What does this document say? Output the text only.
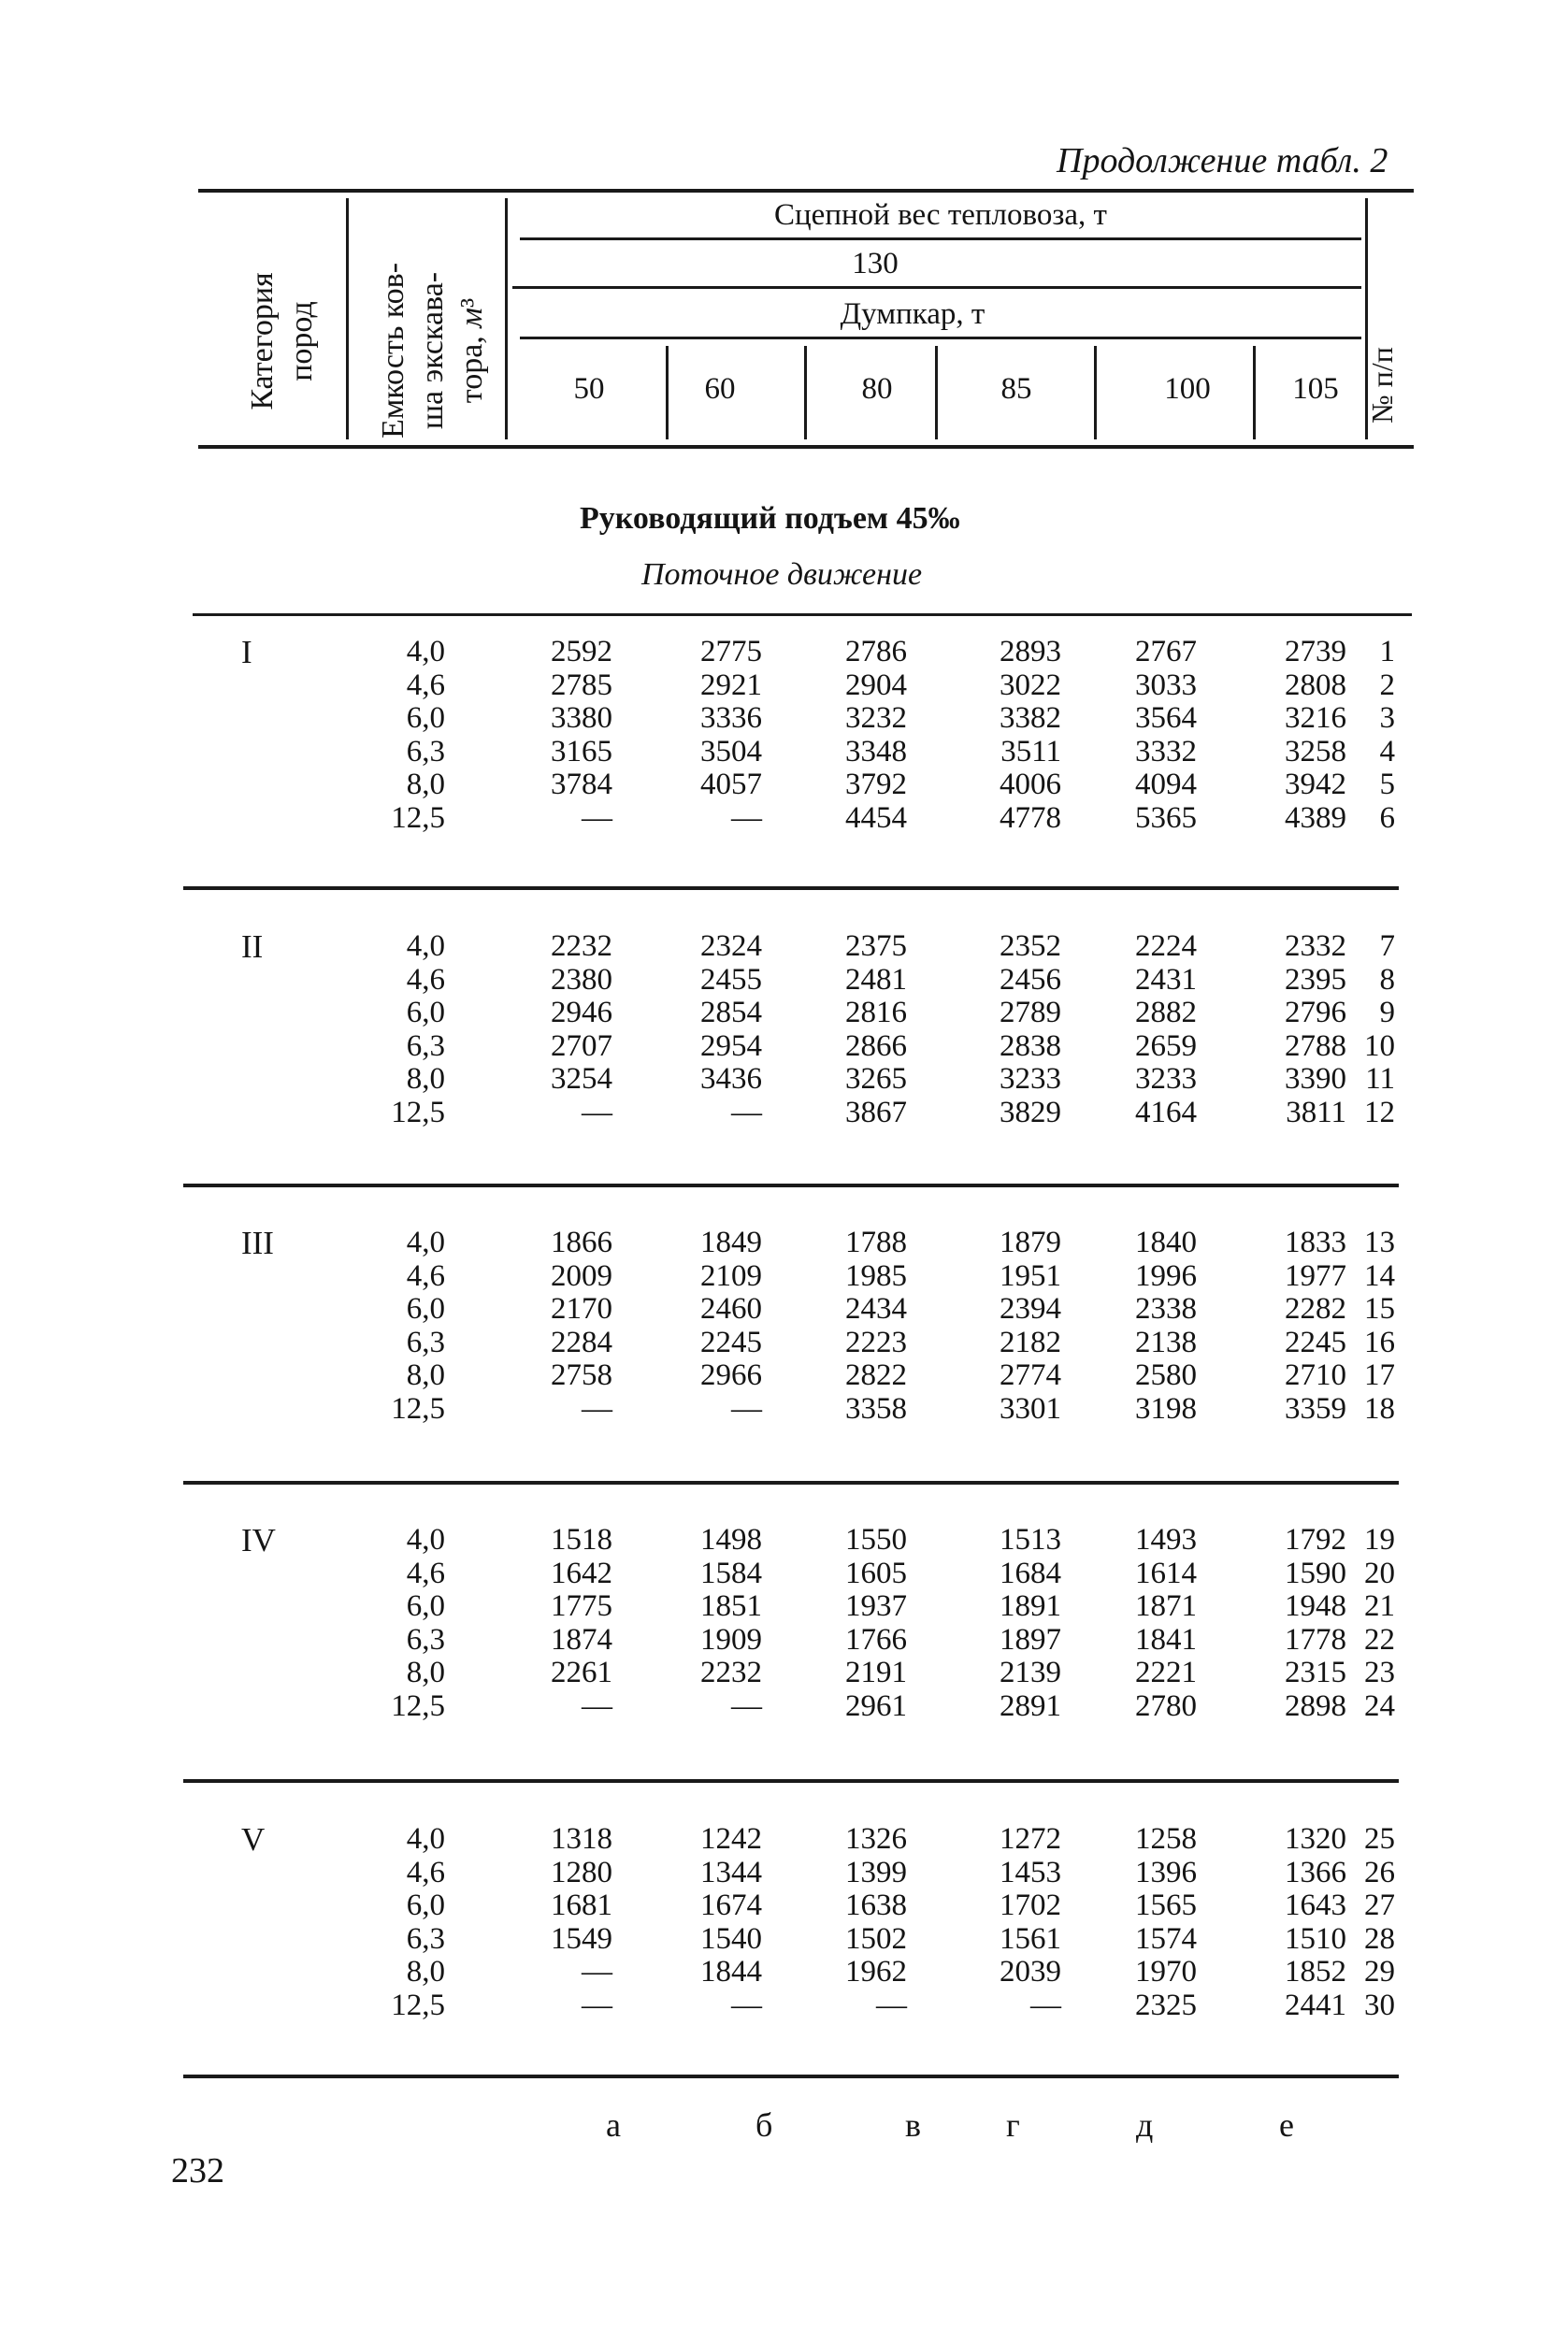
Продолжение табл. 2
Категория пород Емкость ков- ша экскава- тора, м³
№ п/п
Сцепной вес тепловоза, т
130
Думпкар, т
50	60	80	85	100	105
Руководящий подъем 45‰
Поточное движение
I	4,0	2592	2775	2786	2893	2767	2739	1
4,6	2785	2921	2904	3022	3033	2808	2
6,0	3380	3336	3232	3382	3564	3216	3
6,3	3165	3504	3348	3511	3332	3258	4
8,0	3784	4057	3792	4006	4094	3942	5
12,5	—	—	4454	4778	5365	4389	6
II	4,0	2232	2324	2375	2352	2224	2332	7
4,6	2380	2455	2481	2456	2431	2395	8
6,0	2946	2854	2816	2789	2882	2796	9
6,3	2707	2954	2866	2838	2659	2788 10
8,0	3254	3436	3265	3233	3233	3390 11
12,5	—	—	3867	3829	4164	3811 12
III	4,0	1866	1849	1788	1879	1840	1833 13
4,6	2009	2109	1985	1951	1996	1977 14
6,0	2170	2460	2434	2394	2338	2282 15
6,3	2284	2245	2223	2182	2138	2245 16
8,0	2758	2966	2822	2774	2580	2710 17
12,5	—	—	3358	3301	3198	3359 18
IV	4,0	1518	1498	1550	1513	1493	1792 19
4,6	1642	1584	1605	1684	1614	1590 20
6,0	1775	1851	1937	1891	1871	1948 21
6,3	1874	1909	1766	1897	1841	1778 22
8,0	2261	2232	2191	2139	2221	2315 23
12,5	—	—	2961	2891	2780	2898 24
V	4,0	1318	1242	1326	1272	1258	1320 25
4,6	1280	1344	1399	1453	1396	1366 26
6,0	1681	1674	1638	1702	1565	1643 27
6,3	1549	1540	1502	1561	1574	1510 28
8,0	—	1844	1962	2039	1970	1852 29
12,5	—	—	—	—	2325	2441 30
а	б	в	г	д	е
232
